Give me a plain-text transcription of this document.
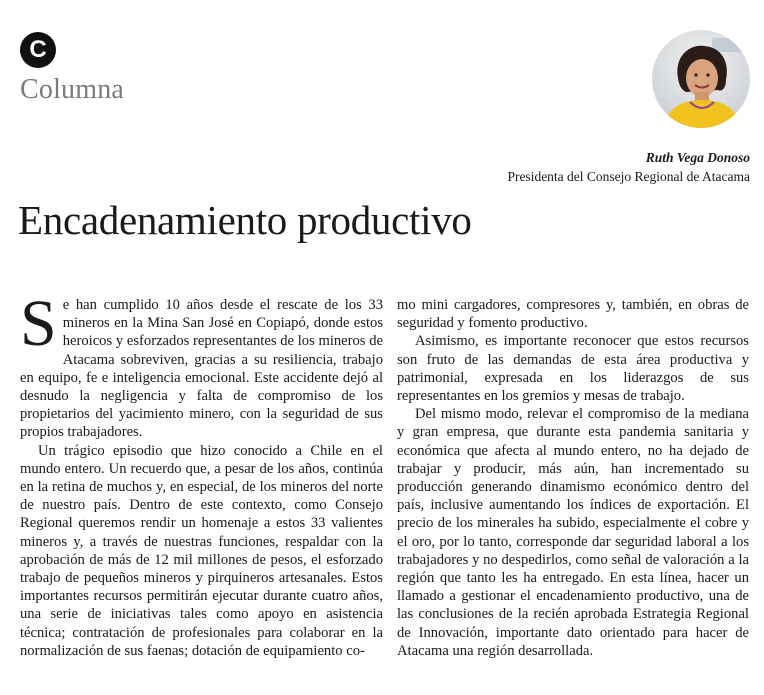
C
Columna
Ruth Vega Donoso
Presidenta del Consejo Regional de Atacama
Encadenamiento productivo

Se han cumplido 10 años desde el rescate de los 33 mineros en la Mina San José en Copiapó, donde estos heroicos y esforzados representantes de los mineros de Atacama sobreviven, gracias a su resiliencia, trabajo en equipo, fe e inteligencia emocional. Este accidente dejó al desnudo la negligencia y falta de compromiso de los propietarios del yacimiento minero, con la seguridad de sus propios trabajadores.

Un trágico episodio que hizo conocido a Chile en el mundo entero. Un recuerdo que, a pesar de los años, continúa en la retina de muchos y, en especial, de los mineros del norte de nuestro país. Dentro de este contexto, como Consejo Regional queremos rendir un homenaje a estos 33 valientes mineros y, a través de nuestras funciones, respaldar con la aprobación de más de 12 mil millones de pesos, el esforzado trabajo de pequeños mineros y pirquineros artesanales. Estos importantes recursos permitirán ejecutar durante cuatro años, una serie de iniciativas tales como apoyo en asistencia técnica; contratación de profesionales para colaborar en la normalización de sus faenas; dotación de equipamiento co-

mo mini cargadores, compresores y, también, en obras de seguridad y fomento productivo.

Asimismo, es importante reconocer que estos recursos son fruto de las demandas de esta área productiva y patrimonial, expresada en los liderazgos de sus representantes en los gremios y mesas de trabajo.

Del mismo modo, relevar el compromiso de la mediana y gran empresa, que durante esta pandemia sanitaria y económica que afecta al mundo entero, no ha dejado de trabajar y producir, más aún, han incrementado su producción generando dinamismo económico dentro del país, inclusive aumentando los índices de exportación. El precio de los minerales ha subido, especialmente el cobre y el oro, por lo tanto, corresponde dar seguridad laboral a los trabajadores y no despedirlos, como señal de valoración a la región que tanto les ha entregado. En esta línea, hacer un llamado a gestionar el encadenamiento productivo, una de las conclusiones de la recién aprobada Estrategia Regional de Innovación, importante dato orientado para hacer de Atacama una región desarrollada.
